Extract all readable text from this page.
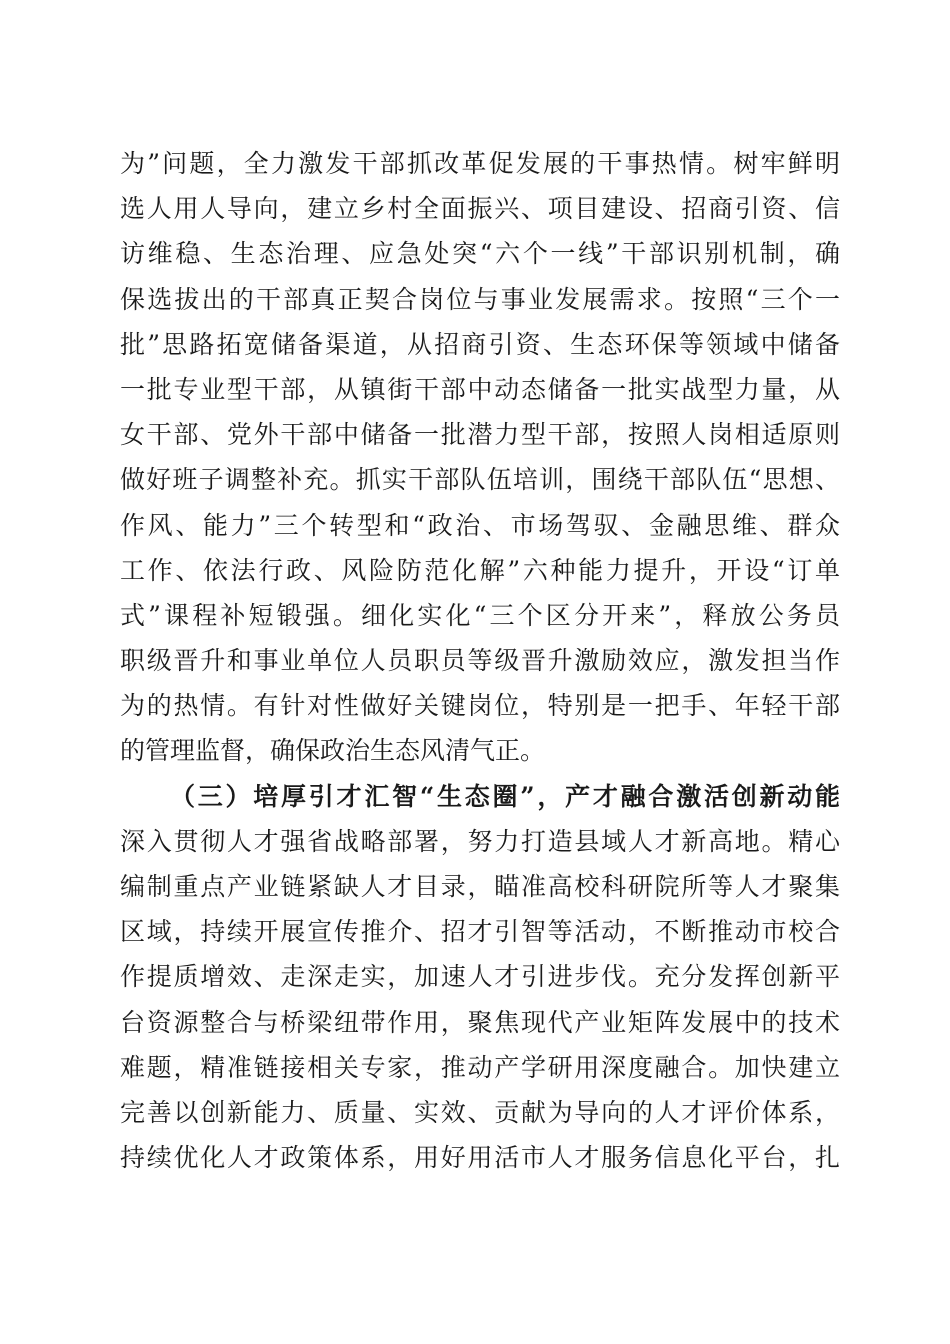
为”问题，全力激发干部抓改革促发展的干事热情。树牢鲜明
选人用人导向，建立乡村全面振兴、项目建设、招商引资、信
访维稳、生态治理、应急处突“六个一线”干部识别机制，确
保选拔出的干部真正契合岗位与事业发展需求。按照“三个一
批”思路拓宽储备渠道，从招商引资、生态环保等领域中储备
一批专业型干部，从镇街干部中动态储备一批实战型力量，从
女干部、党外干部中储备一批潜力型干部，按照人岗相适原则
做好班子调整补充。抓实干部队伍培训，围绕干部队伍“思想、
作风、能力”三个转型和“政治、市场驾驭、金融思维、群众
工作、依法行政、风险防范化解”六种能力提升，开设“订单
式”课程补短锻强。细化实化“三个区分开来”，释放公务员
职级晋升和事业单位人员职员等级晋升激励效应，激发担当作
为的热情。有针对性做好关键岗位，特别是一把手、年轻干部
的管理监督，确保政治生态风清气正。
（三）培厚引才汇智“生态圈”，产才融合激活创新动能
深入贯彻人才强省战略部署，努力打造县域人才新高地。精心
编制重点产业链紧缺人才目录，瞄准高校科研院所等人才聚集
区域，持续开展宣传推介、招才引智等活动，不断推动市校合
作提质增效、走深走实，加速人才引进步伐。充分发挥创新平
台资源整合与桥梁纽带作用，聚焦现代产业矩阵发展中的技术
难题，精准链接相关专家，推动产学研用深度融合。加快建立
完善以创新能力、质量、实效、贡献为导向的人才评价体系，
持续优化人才政策体系，用好用活市人才服务信息化平台，扎
